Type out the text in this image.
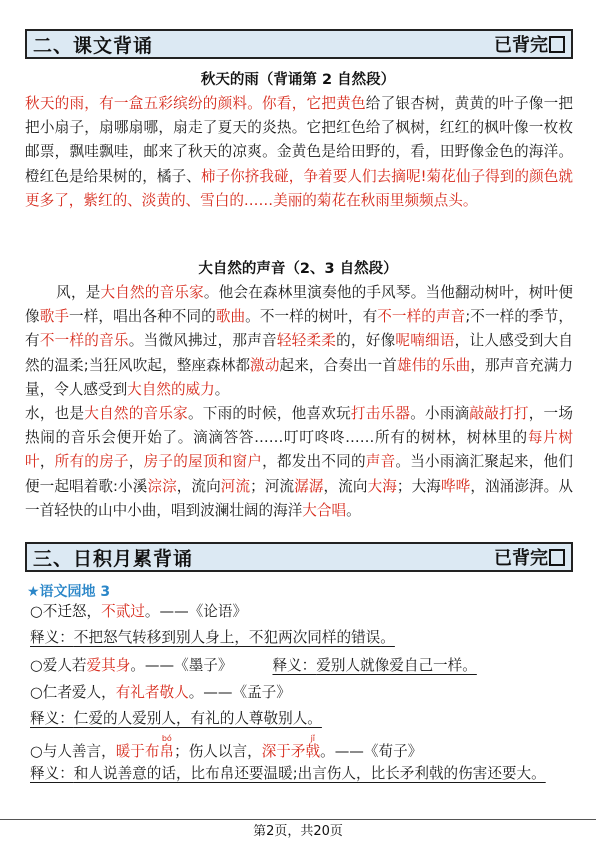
二、课文背诵	已背完
秋天的雨（背诵第 2 自然段）
秋天的雨，有一盒五彩缤纷的颜料。你看，它把黄色给了银杏树，黄黄的叶子像一把把小扇子，扇哪扇哪，扇走了夏天的炎热。它把红色给了枫树，红红的枫叶像一枚枚邮票，飘哇飘哇，邮来了秋天的凉爽。金黄色是给田野的，看，田野像金色的海洋。橙红色是给果树的，橘子、柿子你挤我碰，争着要人们去摘呢!菊花仙子得到的颜色就更多了，紫红的、淡黄的、雪白的……美丽的菊花在秋雨里频频点头。
大自然的声音（2、3 自然段）
风，是大自然的音乐家。他会在森林里演奏他的手风琴。当他翻动树叶，树叶便像歌手一样，唱出各种不同的歌曲。不一样的树叶，有不一样的声音;不一样的季节，有不一样的音乐。当微风拂过，那声音轻轻柔柔的，好像呢喃细语，让人感受到大自然的温柔;当狂风吹起，整座森林都激动起来，合奏出一首雄伟的乐曲，那声音充满力量，令人感受到大自然的威力。
水，也是大自然的音乐家。下雨的时候，他喜欢玩打击乐器。小雨滴敲敲打打，一场热闹的音乐会便开始了。滴滴答答……叮叮咚咚……所有的树林，树林里的每片树叶，所有的房子，房子的屋顶和窗户，都发出不同的声音。当小雨滴汇聚起来，他们便一起唱着歌:小溪淙淙，流向河流；河流潺潺，流向大海；大海哗哗，汹涌澎湃。从一首轻快的山中小曲，唱到波澜壮阔的海洋大合唱。
三、日积月累背诵	已背完
★语文园地 3
○不迁怒，不贰过。——《论语》
释义：不把怒气转移到别人身上，不犯两次同样的错误。
○爱人若爱其身。——《墨子》	释义：爱别人就像爱自己一样。
○仁者爱人，有礼者敬人。——《孟子》
释义：仁爱的人爱别人，有礼的人尊敬别人。
○与人善言，暖于布帛bó；伤人以言，深于矛戟jǐ。——《荀子》
释义：和人说善意的话，比布帛还要温暖;出言伤人，比长矛利戟的伤害还要大。
第2页，共20页
